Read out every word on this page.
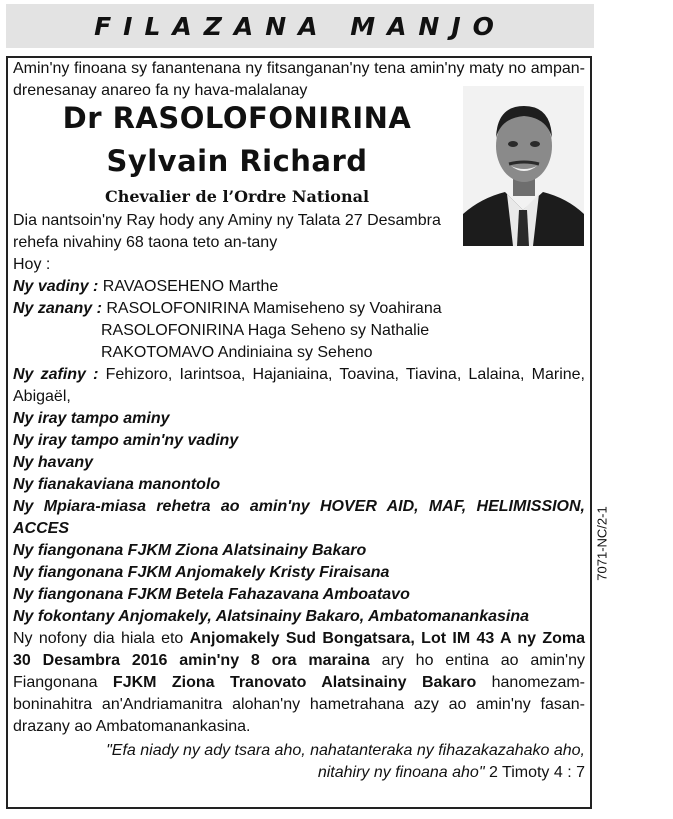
FILAZANA MANJO
Amin'ny finoana sy fanantenana ny fitsanganan'ny tena amin'ny maty no ampan-
drenesanay anareo fa ny hava-malalanay
Dr RASOLOFONIRINA
Sylvain Richard
Chevalier de l’Ordre National
Dia nantsoin'ny Ray hody any Aminy ny Talata 27 Desambra
rehefa nivahiny 68 taona teto an-tany
Hoy :
Ny vadiny : RAVAOSEHENO Marthe
Ny zanany : RASOLOFONIRINA Mamiseheno sy Voahirana
RASOLOFONIRINA Haga Seheno sy Nathalie
RAKOTOMAVO Andiniaina sy Seheno
Ny zafiny : Fehizoro, Iarintsoa, Hajaniaina, Toavina, Tiavina, Lalaina, Marine,
Abigaël,
Ny iray tampo aminy
Ny iray tampo amin'ny vadiny
Ny havany
Ny fianakaviana manontolo
Ny Mpiara-miasa rehetra ao amin'ny HOVER AID, MAF, HELIMISSION,
ACCES
Ny fiangonana FJKM Ziona Alatsinainy Bakaro
Ny fiangonana FJKM Anjomakely Kristy Firaisana
Ny fiangonana FJKM Betela Fahazavana Amboatavo
Ny fokontany Anjomakely, Alatsinainy Bakaro, Ambatomanankasina
7071-NC/2-1
Ny nofony dia hiala eto Anjomakely Sud Bongatsara, Lot IM 43 A ny Zoma
30 Desambra 2016 amin'ny 8 ora maraina ary ho entina ao amin'ny
Fiangonana FJKM Ziona Tranovato Alatsinainy Bakaro hanomezam-
boninahitra an'Andriamanitra alohan'ny hametrahana azy ao amin'ny fasan-
drazany ao Ambatomanankasina.
"Efa niady ny ady tsara aho, nahatanteraka ny fihazakazahako aho,
nitahiry ny finoana aho" 2 Timoty 4 : 7
